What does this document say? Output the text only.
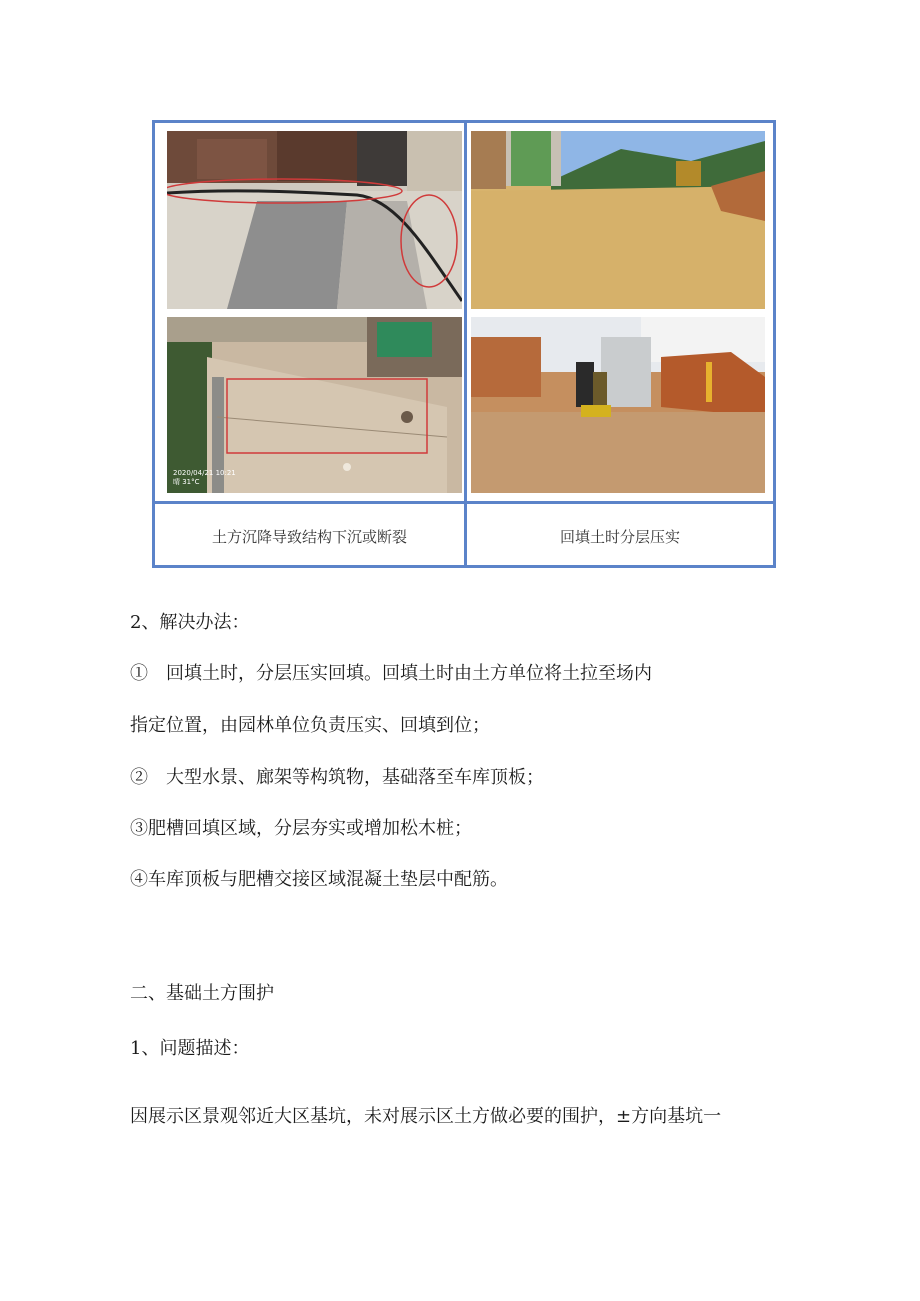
2020/04/21 10:21
晴 31°C
土方沉降导致结构下沉或断裂	回填土时分层压实
2、解决办法：
①　回填土时，分层压实回填。回填土时由土方单位将土拉至场内
指定位置，由园林单位负责压实、回填到位；
②　大型水景、廊架等构筑物，基础落至车库顶板；
③肥槽回填区域，分层夯实或增加松木桩；
④车库顶板与肥槽交接区域混凝土垫层中配筋。
二、基础土方围护
1、问题描述：
因展示区景观邻近大区基坑，未对展示区土方做必要的围护，±方向基坑一
